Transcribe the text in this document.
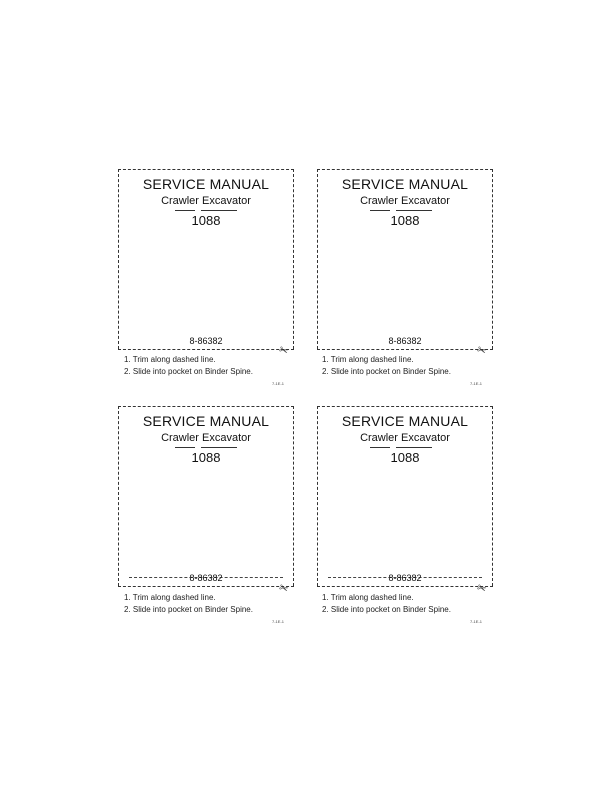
SERVICE MANUAL
Crawler Excavator
1088
8-86382
✂
1. Trim along dashed line.
2. Slide into pocket on Binder Spine.
7-1E-1
SERVICE MANUAL
Crawler Excavator
1088
8-86382
✂
1. Trim along dashed line.
2. Slide into pocket on Binder Spine.
7-1E-1
SERVICE MANUAL
Crawler Excavator
1088
8-86382
✂
1. Trim along dashed line.
2. Slide into pocket on Binder Spine.
7-1E-1
SERVICE MANUAL
Crawler Excavator
1088
8-86382
✂
1. Trim along dashed line.
2. Slide into pocket on Binder Spine.
7-1E-1
